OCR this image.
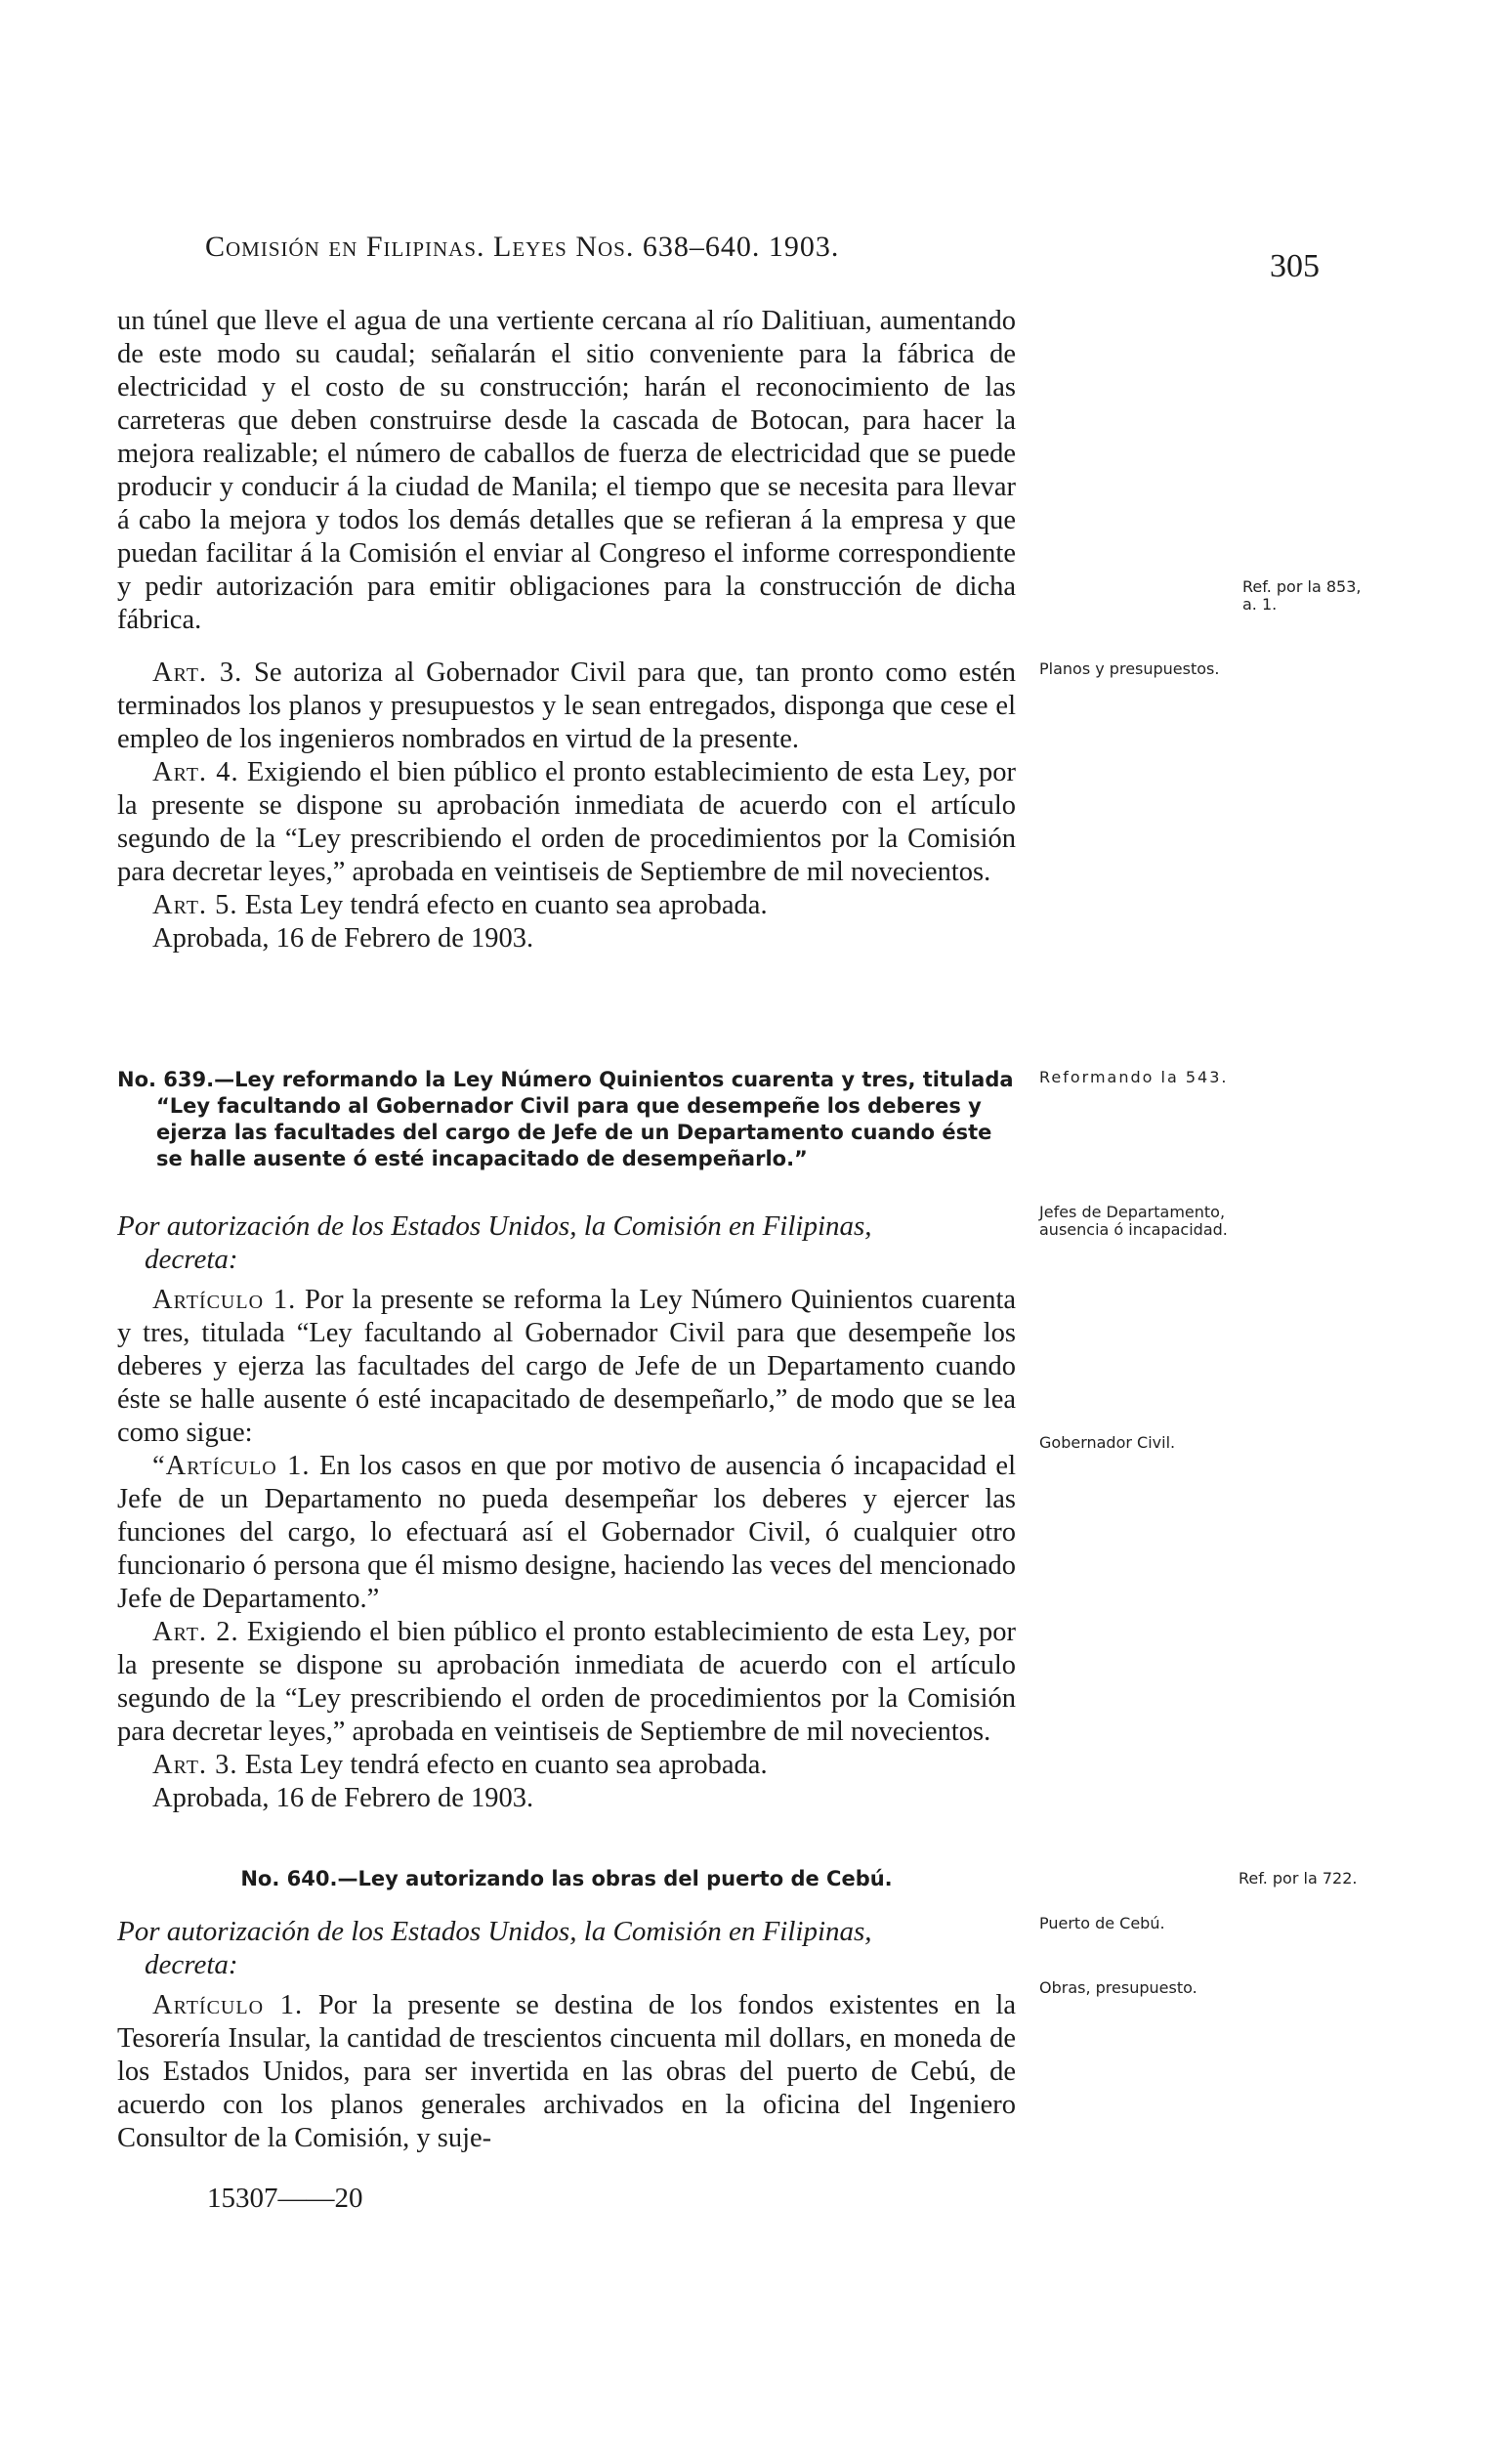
Comisión en Filipinas. Leyes Nos. 638–640. 1903.
305

un túnel que lleve el agua de una vertiente cercana al río Dalitiuan, aumentando de este modo su caudal; señalarán el sitio conveniente para la fábrica de electricidad y el costo de su construcción; harán el reconocimiento de las carreteras que deben construirse desde la cascada de Botocan, para hacer la mejora realizable; el número de caballos de fuerza de electricidad que se puede producir y conducir á la ciudad de Manila; el tiempo que se necesita para llevar á cabo la mejora y todos los demás detalles que se refieran á la empresa y que puedan facilitar á la Comisión el enviar al Congreso el informe correspondiente y pedir autorización para emitir obligaciones para la construcción de dicha fábrica.

Art. 3. Se autoriza al Gobernador Civil para que, tan pronto como estén terminados los planos y presupuestos y le sean entregados, disponga que cese el empleo de los ingenieros nombrados en virtud de la presente.

Art. 4. Exigiendo el bien público el pronto establecimiento de esta Ley, por la presente se dispone su aprobación inmediata de acuerdo con el artículo segundo de la “Ley prescribiendo el orden de procedimientos por la Comisión para decretar leyes,” aprobada en veintiseis de Septiembre de mil novecientos.

Art. 5. Esta Ley tendrá efecto en cuanto sea aprobada.

Aprobada, 16 de Febrero de 1903.

No. 639.—Ley reformando la Ley Número Quinientos cuarenta y tres, titulada “Ley facultando al Gobernador Civil para que desempeñe los deberes y ejerza las facultades del cargo de Jefe de un Departamento cuando éste se halle ausente ó esté incapacitado de desempeñarlo.”

Por autorización de los Estados Unidos, la Comisión en Filipinas,

decreta:

Artículo 1. Por la presente se reforma la Ley Número Quinientos cuarenta y tres, titulada “Ley facultando al Gobernador Civil para que desempeñe los deberes y ejerza las facultades del cargo de Jefe de un Departamento cuando éste se halle ausente ó esté incapacitado de desempeñarlo,” de modo que se lea como sigue:

“Artículo 1. En los casos en que por motivo de ausencia ó incapacidad el Jefe de un Departamento no pueda desempeñar los deberes y ejercer las funciones del cargo, lo efectuará así el Gobernador Civil, ó cualquier otro funcionario ó persona que él mismo designe, haciendo las veces del mencionado Jefe de Departamento.”

Art. 2. Exigiendo el bien público el pronto establecimiento de esta Ley, por la presente se dispone su aprobación inmediata de acuerdo con el artículo segundo de la “Ley prescribiendo el orden de procedimientos por la Comisión para decretar leyes,” aprobada en veintiseis de Septiembre de mil novecientos.

Art. 3. Esta Ley tendrá efecto en cuanto sea aprobada.

Aprobada, 16 de Febrero de 1903.

No. 640.—Ley autorizando las obras del puerto de Cebú.

Por autorización de los Estados Unidos, la Comisión en Filipinas,

decreta:

Artículo 1. Por la presente se destina de los fondos existentes en la Tesorería Insular, la cantidad de trescientos cincuenta mil dollars, en moneda de los Estados Unidos, para ser invertida en las obras del puerto de Cebú, de acuerdo con los planos generales archivados en la oficina del Ingeniero Consultor de la Comisión, y suje-

15307——20
Ref. por la 853, a. 1.
Planos y presupuestos.
Reformando la 543.
Jefes de Departamento, ausencia ó incapacidad.
Gobernador Civil.
Ref. por la 722.
Puerto de Cebú.
Obras, presupuesto.
